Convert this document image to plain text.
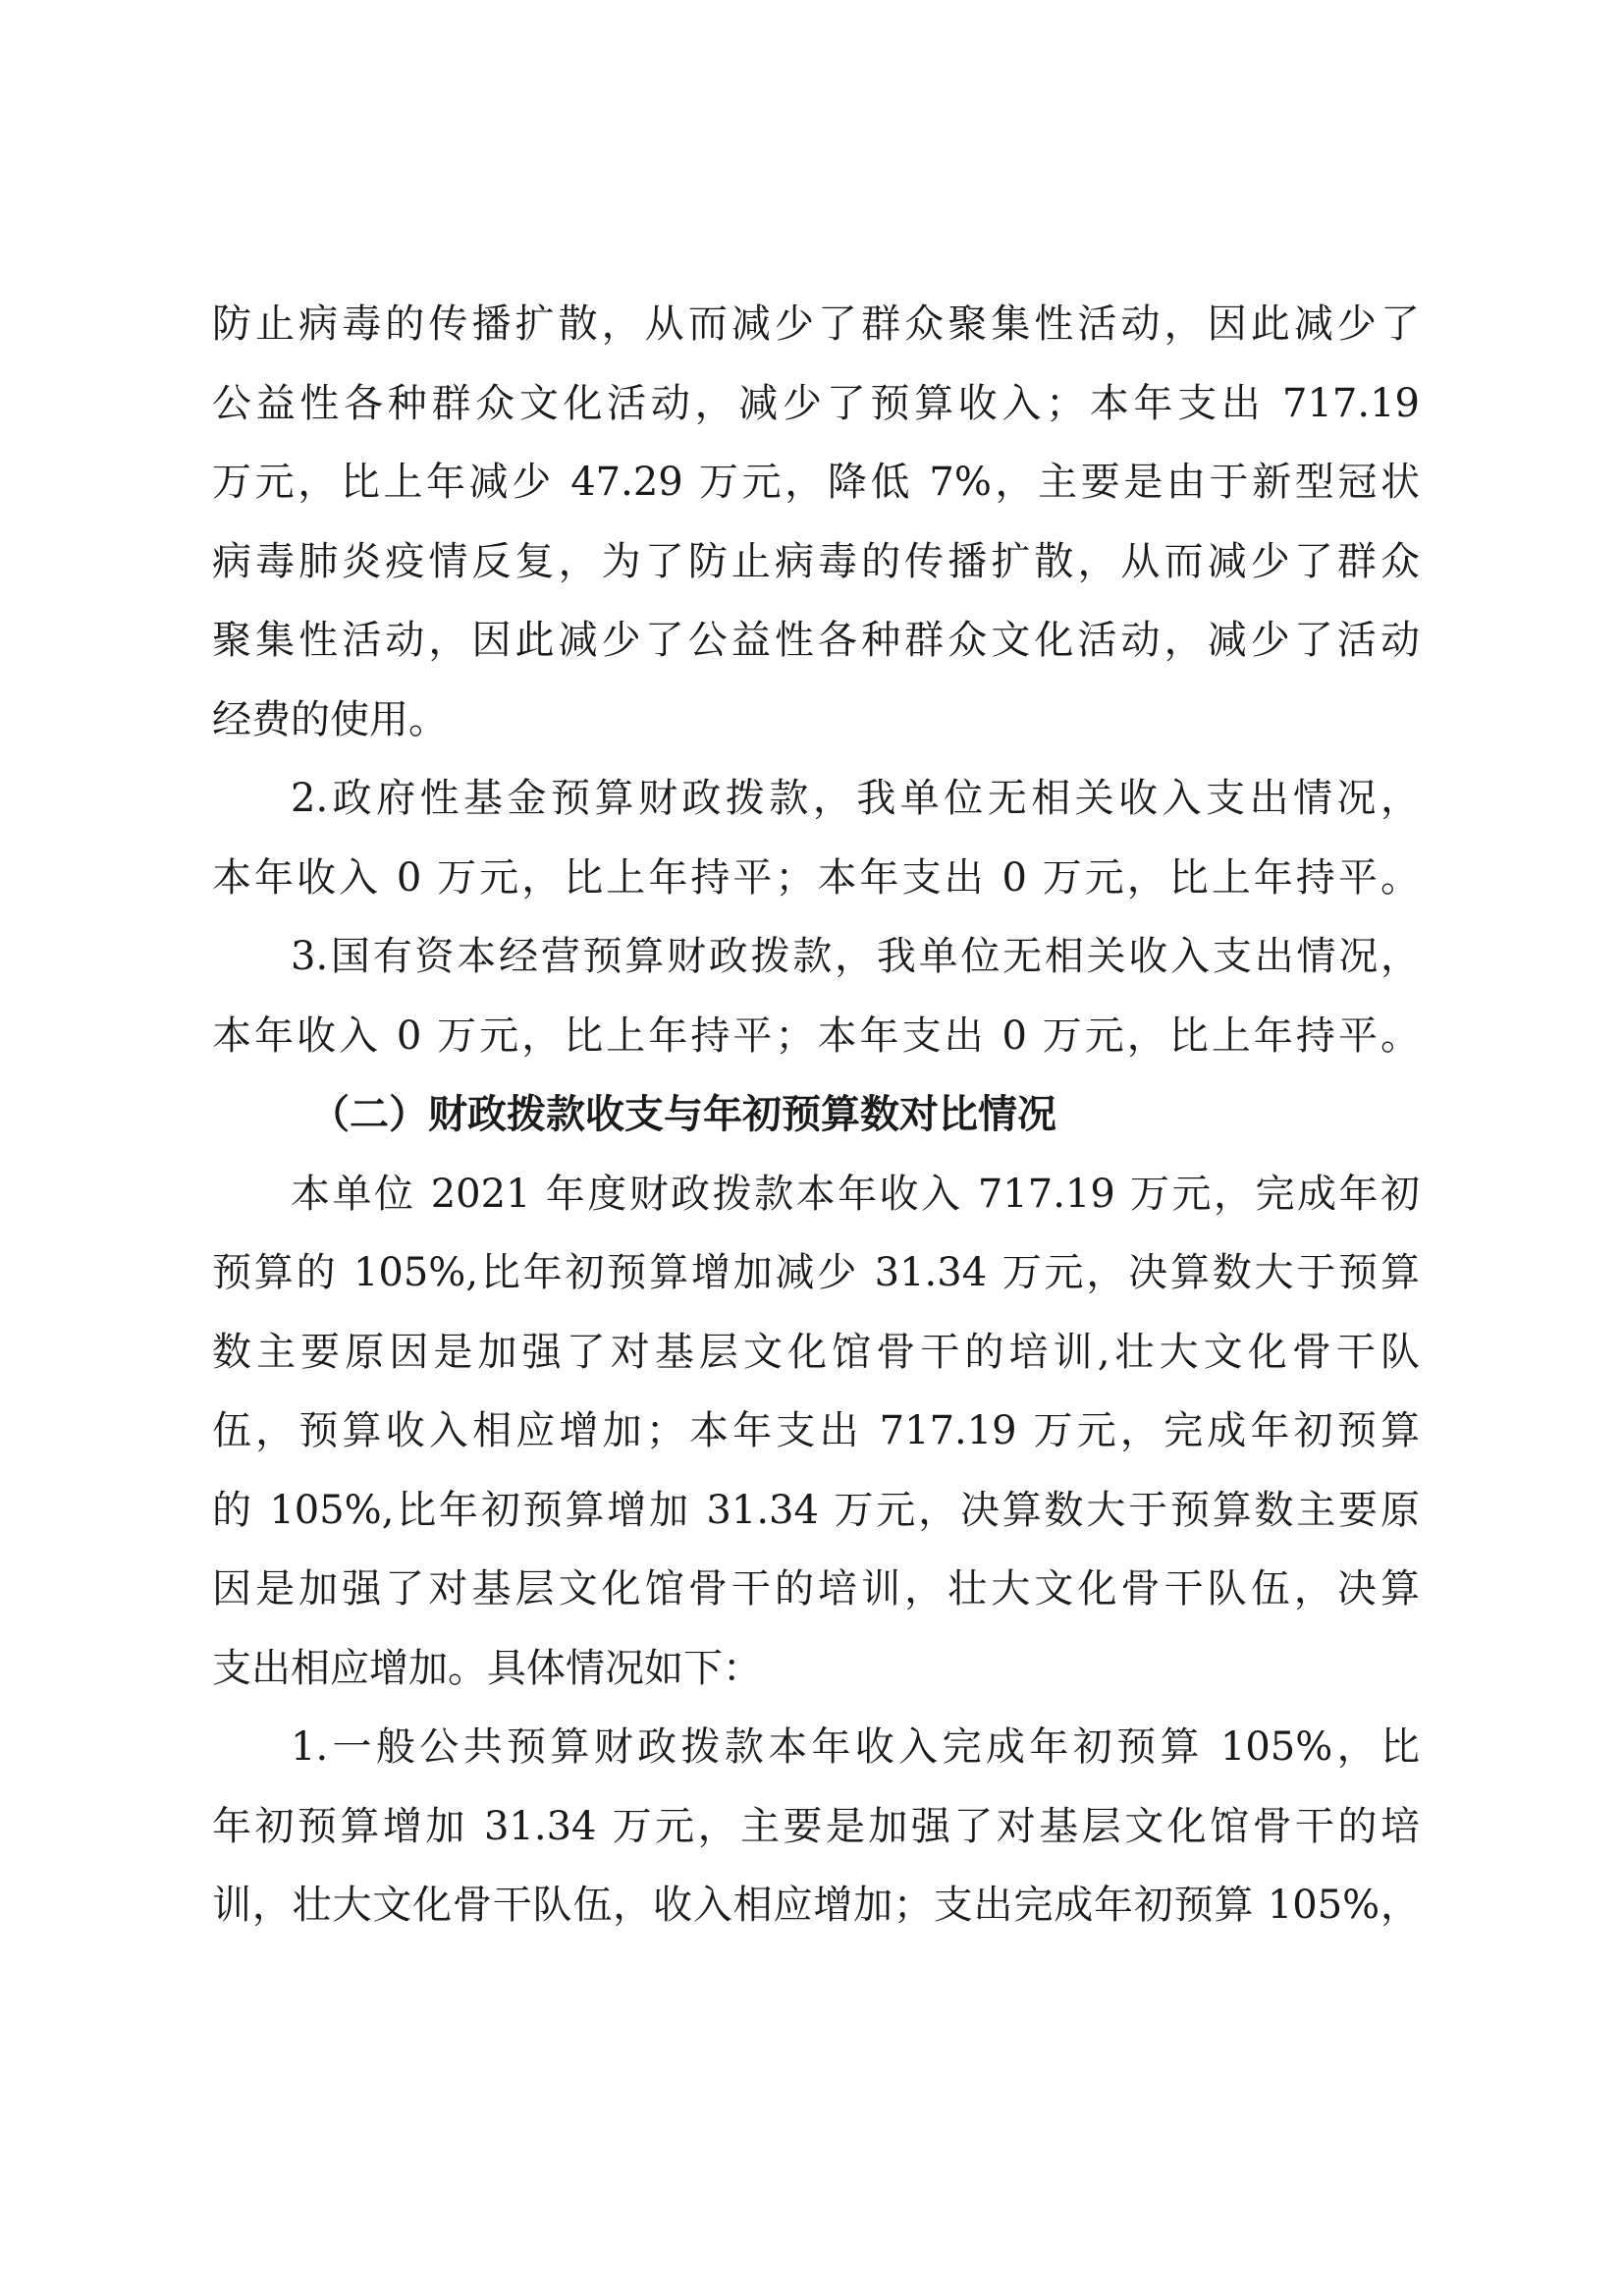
防止病毒的传播扩散，从而减少了群众聚集性活动，因此减少了
公益性各种群众文化活动，减少了预算收入；本年支出 717.19
万元，比上年减少 47.29 万元，降低 7%，主要是由于新型冠状
病毒肺炎疫情反复，为了防止病毒的传播扩散，从而减少了群众
聚集性活动，因此减少了公益性各种群众文化活动，减少了活动
经费的使用。
2.政府性基金预算财政拨款，我单位无相关收入支出情况，
本年收入 0 万元，比上年持平；本年支出 0 万元，比上年持平。
3.国有资本经营预算财政拨款，我单位无相关收入支出情况，
本年收入 0 万元，比上年持平；本年支出 0 万元，比上年持平。
（二）财政拨款收支与年初预算数对比情况
本单位 2021 年度财政拨款本年收入 717.19 万元，完成年初
预算的 105%,比年初预算增加减少 31.34 万元，决算数大于预算
数主要原因是加强了对基层文化馆骨干的培训,壮大文化骨干队
伍，预算收入相应增加；本年支出 717.19 万元，完成年初预算
的 105%,比年初预算增加 31.34 万元，决算数大于预算数主要原
因是加强了对基层文化馆骨干的培训，壮大文化骨干队伍，决算
支出相应增加。具体情况如下：
1.一般公共预算财政拨款本年收入完成年初预算 105%，比
年初预算增加 31.34 万元，主要是加强了对基层文化馆骨干的培
训，壮大文化骨干队伍，收入相应增加；支出完成年初预算 105%，
